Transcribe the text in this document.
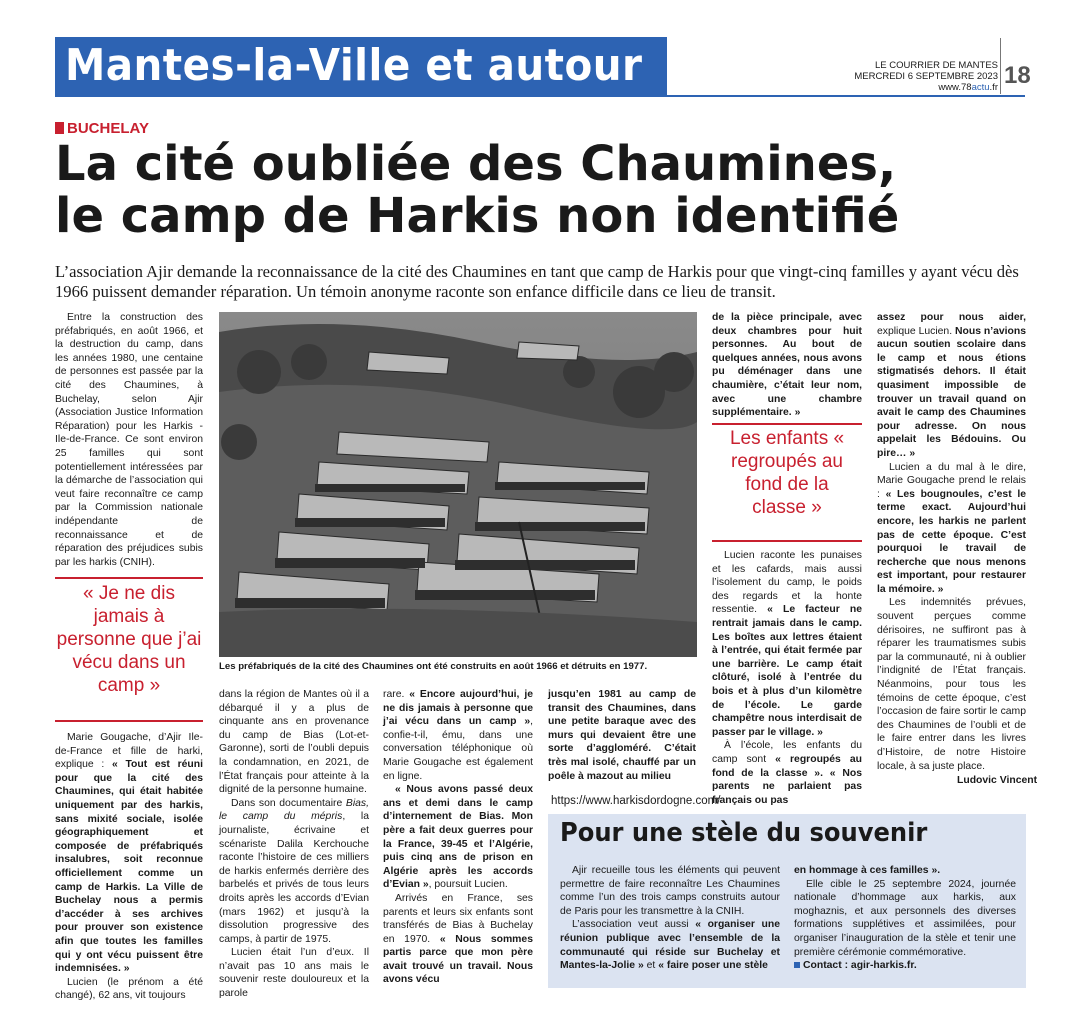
Mantes-la-Ville et autour	LE COURRIER DE MANTES
MERCREDI 6 SEPTEMBRE 2023
www.78actu.fr 18
BUCHELAY
La cité oubliée des Chaumines,
le camp de Harkis non identifié
L’association Ajir demande la reconnaissance de la cité des Chaumines en tant que camp de Harkis pour que vingt-cinq familles y ayant vécu dès 1966 puissent demander réparation. Un témoin anonyme raconte son enfance difficile dans ce lieu de transit.

Entre la construction des préfabriqués, en août 1966, et la destruction du camp, dans les années 1980, une centaine de personnes est passée par la cité des Chaumines, à Buchelay, selon Ajir (Association Justice Information Réparation) pour les Harkis - Ile-de-France. Ce sont environ 25 familles qui sont potentiellement intéressées par la démarche de l’association qui veut faire reconnaître ce camp par la Commission nationale indépendante de reconnaissance et de réparation des préjudices subis par les harkis (CNIH).

« Je ne dis jamais à personne que j’ai vécu dans un camp »

Marie Gougache, d’Ajir Ile-de-France et fille de harki, explique : « Tout est réuni pour que la cité des Chaumines, qui était habitée uniquement par des harkis, sans mixité sociale, isolée géographiquement et composée de préfabriqués insalubres, soit reconnue officiellement comme un camp de Harkis. La Ville de Buchelay nous a permis d’accéder à ses archives pour prouver son existence afin que toutes les familles qui y ont vécu puissent être indemnisées. »

Lucien (le prénom a été changé), 62 ans, vit toujours

Les préfabriqués de la cité des Chaumines ont été construits en août 1966 et détruits en 1977.

dans la région de Mantes où il a débarqué il y a plus de cinquante ans en provenance du camp de Bias (Lot-et-Garonne), sorti de l’oubli depuis la condamnation, en 2021, de l’État français pour atteinte à la dignité de la personne humaine.

Dans son documentaire Bias, le camp du mépris, la journaliste, écrivaine et scénariste Dalila Kerchouche raconte l’histoire de ces milliers de harkis enfermés derrière des barbelés et privés de tous leurs droits après les accords d’Evian (mars 1962) et jusqu’à la dissolution progressive des camps, à partir de 1975.

Lucien était l’un d’eux. Il n’avait pas 10 ans mais le souvenir reste douloureux et la parole

rare. « Encore aujourd’hui, je ne dis jamais à personne que j’ai vécu dans un camp », confie-t-il, ému, dans une conversation téléphonique où Marie Gougache est également en ligne.

« Nous avons passé deux ans et demi dans le camp d’internement de Bias. Mon père a fait deux guerres pour la France, 39-45 et l’Algérie, puis cinq ans de prison en Algérie après les accords d’Evian », poursuit Lucien.

Arrivés en France, ses parents et leurs six enfants sont transférés de Bias à Buchelay en 1970. « Nous sommes partis parce que mon père avait trouvé un travail. Nous avons vécu

jusqu’en 1981 au camp de transit des Chaumines, dans une petite baraque avec des murs qui devaient être une sorte d’aggloméré. C’était très mal isolé, chauffé par un poêle à mazout au milieu

de la pièce principale, avec deux chambres pour huit personnes. Au bout de quelques années, nous avons pu déménager dans une chaumière, c’était leur nom, avec une chambre supplémentaire. »

Les enfants « regroupés au fond de la classe »

Lucien raconte les punaises et les cafards, mais aussi l’isolement du camp, le poids des regards et la honte ressentie. « Le facteur ne rentrait jamais dans le camp. Les boîtes aux lettres étaient à l’entrée, qui était fermée par une barrière. Le camp était clôturé, isolé à l’entrée du bois et à plus d’un kilomètre de l’école. Le garde champêtre nous interdisait de passer par le village. »

À l’école, les enfants du camp sont « regroupés au fond de la classe ». « Nos parents ne parlaient pas français ou pas

assez pour nous aider, explique Lucien. Nous n’avions aucun soutien scolaire dans le camp et nous étions stigmatisés dehors. Il était quasiment impossible de trouver un travail quand on avait le camp des Chaumines pour adresse. On nous appelait les Bédouins. Ou pire… »

Lucien a du mal à le dire, Marie Gougache prend le relais : « Les bougnoules, c’est le terme exact. Aujourd’hui encore, les harkis ne parlent pas de cette époque. C’est pourquoi le travail de recherche que nous menons est important, pour restaurer la mémoire. »

Les indemnités prévues, souvent perçues comme dérisoires, ne suffiront pas à réparer les traumatismes subis par la communauté, ni à oublier l’indignité de l’État français. Néanmoins, pour tous les témoins de cette époque, c’est l’occasion de faire sortir le camp des Chaumines de l’oubli et de le faire entrer dans les livres d’Histoire, de notre Histoire locale, à sa juste place.

Ludovic Vincent
https://www.harkisdordogne.com/
Pour une stèle du souvenir

Ajir recueille tous les éléments qui peuvent permettre de faire reconnaître Les Chaumines comme l’un des trois camps construits autour de Paris pour les transmettre à la CNIH.

L’association veut aussi « organiser une réunion publique avec l’ensemble de la communauté qui réside sur Buchelay et Mantes-la-Jolie » et « faire poser une stèle

en hommage à ces familles ».

Elle cible le 25 septembre 2024, journée nationale d’hommage aux harkis, aux moghaznis, et aux personnels des diverses formations supplétives et assimilées, pour organiser l’inauguration de la stèle et tenir une première cérémonie commémorative.

Contact : agir-harkis.fr.
